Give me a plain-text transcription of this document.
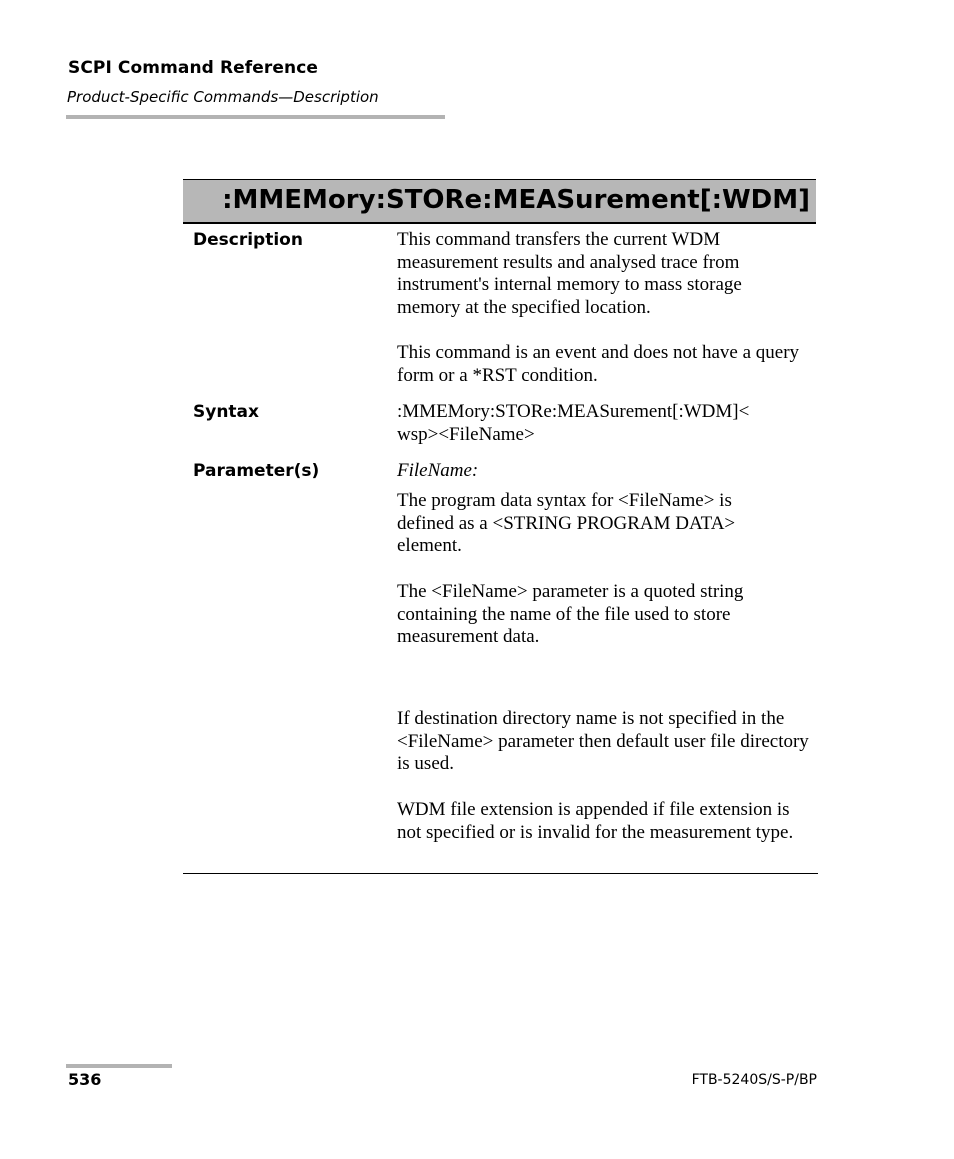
SCPI Command Reference
Product-Specific Commands—Description
:MMEMory:STORe:MEASurement[:WDM]
Description	This command transfers the current WDM measurement results and analysed trace from instrument's internal memory to mass storage memory at the specified location.
This command is an event and does not have a query form or a *RST condition.
Syntax	:MMEMory:STORe:MEASurement[:WDM]<wsp><FileName>
Parameter(s)	FileName:
The program data syntax for <FileName> is defined as a <STRING PROGRAM DATA> element.
The <FileName> parameter is a quoted string containing the name of the file used to store measurement data.
If destination directory name is not specified in the <FileName> parameter then default user file directory is used.
WDM file extension is appended if file extension is not specified or is invalid for the measurement type.
536	FTB-5240S/S-P/BP
